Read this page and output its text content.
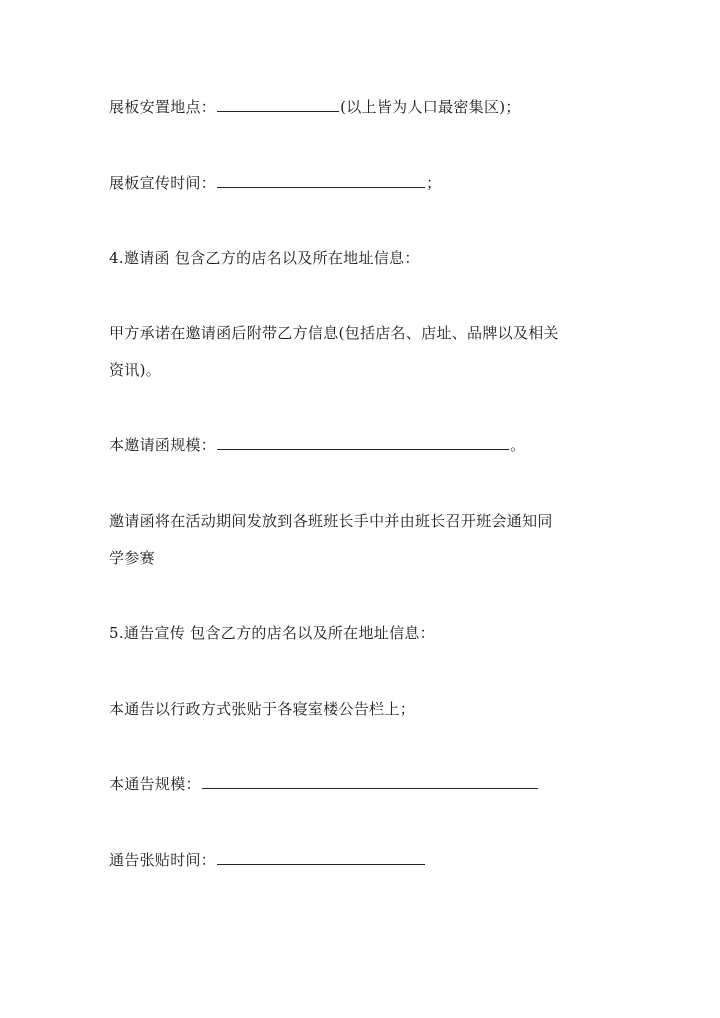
展板安置地点：	(以上皆为人口最密集区)；
展板宣传时间：	；
4.邀请函 包含乙方的店名以及所在地址信息：
甲方承诺在邀请函后附带乙方信息(包括店名、店址、品牌以及相关
资讯)。
本邀请函规模：	。
邀请函将在活动期间发放到各班班长手中并由班长召开班会通知同
学参赛
5.通告宣传 包含乙方的店名以及所在地址信息：
本通告以行政方式张贴于各寝室楼公告栏上；
本通告规模：
通告张贴时间：
